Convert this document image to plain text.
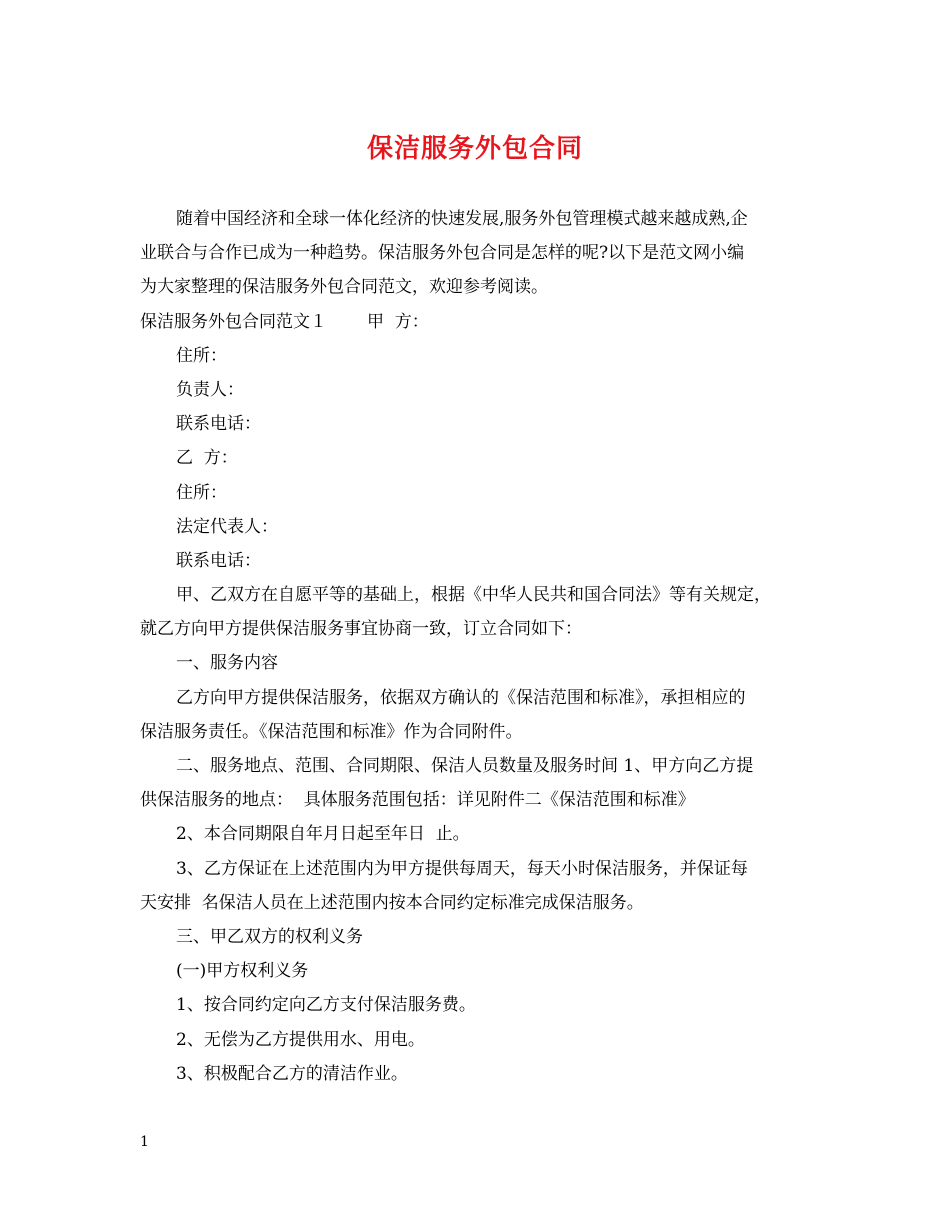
保洁服务外包合同
随着中国经济和全球一体化经济的快速发展,服务外包管理模式越来越成熟,企
业联合与合作已成为一种趋势。保洁服务外包合同是怎样的呢?以下是范文网小编
为大家整理的保洁服务外包合同范文，欢迎参考阅读。
保洁服务外包合同范文１ 甲  方：
住所：
负责人：
联系电话：
乙  方：
住所：
法定代表人：
联系电话：
甲、乙双方在自愿平等的基础上，根据《中华人民共和国合同法》等有关规定，
就乙方向甲方提供保洁服务事宜协商一致，订立合同如下：
一、服务内容
乙方向甲方提供保洁服务，依据双方确认的《保洁范围和标准》，承担相应的
保洁服务责任。《保洁范围和标准》作为合同附件。
二、服务地点、范围、合同期限、保洁人员数量及服务时间 1、甲方向乙方提
供保洁服务的地点：  具体服务范围包括：详见附件二《保洁范围和标准》
2、本合同期限自年月日起至年日  止。
3、乙方保证在上述范围内为甲方提供每周天，每天小时保洁服务，并保证每
天安排  名保洁人员在上述范围内按本合同约定标准完成保洁服务。
三、甲乙双方的权利义务
(一)甲方权利义务
1、按合同约定向乙方支付保洁服务费。
2、无偿为乙方提供用水、用电。
3、积极配合乙方的清洁作业。
1
